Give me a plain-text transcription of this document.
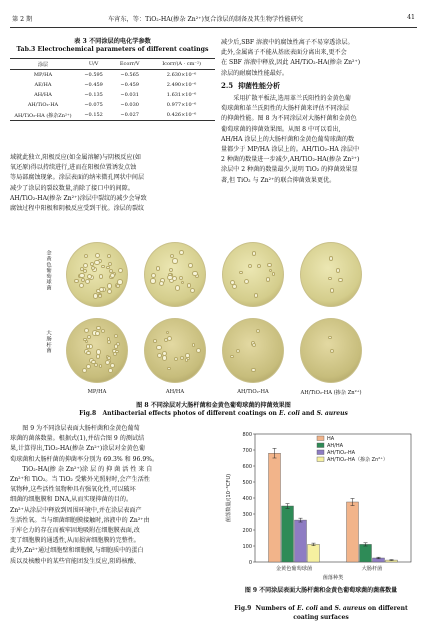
第 2 期	车宵东，等：TiO₂-HA(掺杂 Zn²⁺)复合涂层的制备及其生物学性能研究	41
表 3 不同涂层的电化学参数
Tab.3 Electrochemical parameters of different coatings
涂层	U/V	Ecorr/V	Icorr/(A · cm⁻²)
MP/HA	−0.595	−0.565	2.630×10⁻⁶
AE/HA	−0.459	−0.459	2.490×10⁻⁶
AH/HA	−0.135	−0.031	1.631×10⁻⁶
AH/TiO₂-HA	−0.075	−0.030	0.977×10⁻⁶
AH/TiO₂-HA (掺杂Zn²⁺)	−0.152	−0.027	0.426×10⁻⁶
域就此独立,阳极反应(如金属溶解)与阴极反应(如
氧还原)得以持续进行,进而在阳极位置诱发点蚀
等局部腐蚀现象。涂层表面的纳米微孔网状中间层
减少了涂层的裂纹数量,消除了接口中的间隙。
AH/TiO₂-HA(掺杂 Zn²⁺)涂层中裂纹的减少会导致
腐蚀过程中阳极和阴极反应受到干扰。涂层的裂纹
减少后,SBF 溶液中的腐蚀性离子不易穿透涂层。
此外,金属离子不能从基底表面分离出来,更不会
在 SBF 溶液中释放,因此 AH/TiO₂-HA(掺杂 Zn²⁺)
涂层的耐腐蚀性能最好。
2.5 抑菌性能分析
采用扩散平板法,选用革兰氏阳性的金黄色葡
萄球菌和革兰氏阴性的大肠杆菌来评估不同涂层
的抑菌性能。图 8 为不同涂层对大肠杆菌和金黄色
葡萄球菌的抑菌效果图。从图 8 中可以看出,
AH/HA 涂层上的大肠杆菌和金黄色葡萄球菌的数
量都少于 MP/HA 涂层上的。AH/TiO₂-HA 涂层中
2 种菌的数量进一步减少,AH/TiO₂-HA(掺杂 Zn²⁺)
涂层中 2 种菌的数量最少,说明 TiO₂ 的抑菌效果显
著,但 TiO₂ 与 Zn²⁺的联合抑菌效果更优。
金黄色葡萄球菌
大肠杆菌
MP/HA	AH/HA	AH/TiO₂-HA	AH/TiO₂-HA (掺杂 Zn²⁺)
图 8 不同涂层对大肠杆菌和金黄色葡萄球菌的抑菌效果图
Fig.8 Antibacterial effects photos of different coatings on E. coli and S. aureus
图 9 为不同涂层表面大肠杆菌和金黄色葡萄
球菌的菌落数量。根据式(1),并结合图 9 的测试结
果,计算得出,TiO₂-HA(掺杂 Zn²⁺)涂层对金黄色葡
萄球菌和大肠杆菌的抑菌率分别为 69.3% 和 96.9%。
TiO₂-HA(掺 杂 Zn²⁺)涂 层 的 抑 菌 活 性 来 自
Zn²⁺和 TiO₂。当 TiO₂ 受紫外光照射时,会产生活性
氧物种,这些活性氧物种具有强氧化性,可以破坏
细菌的细胞膜和 DNA,从而实现抑菌的目的。
Zn²⁺从涂层中释放到周围环境中,并在涂层表面产
生活性氧。当与细菌细胞膜接触时,溶液中的 Zn²⁺由
于库仑力的存在而被牢固地吸附在细胞膜表面,改
变了细胞膜的通透性,从而损害细胞膜的完整性。
此外,Zn²⁺通过细胞壁和细胞膜,与细胞质中的蛋白
质以及核酸中的某些官能团发生反应,阻碍核酸、	0
100
200
300
400
500
600
700
800
菌落数量/(10⁻⁶CFU)
金黄色葡萄球菌	大肠杆菌
菌落种类
HA
AH/HA
AH/TiO₂-HA
AH/TiO₂-HA（掺杂 Zn²⁺）
图 9 不同涂层表面大肠杆菌和金黄色葡萄球菌的菌落数量
Fig.9 Numbers of E. coli and S. aureus on different
coating surfaces
